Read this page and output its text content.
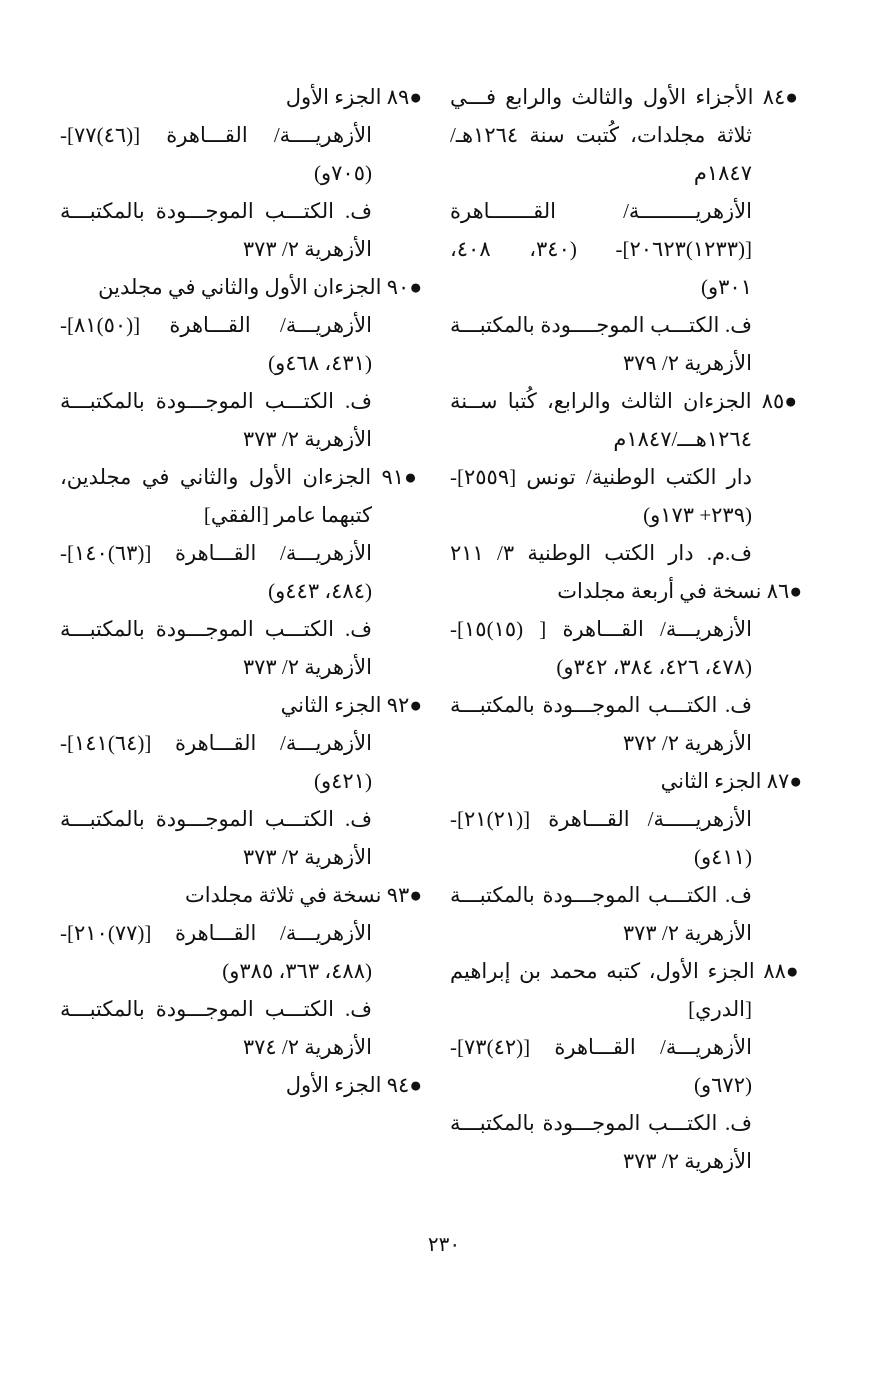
●٨٤ الأجزاء الأول والثالث والرابع فـــي
ثلاثة مجلدات، كُتبت سنة ١٢٦٤هـ/
١٨٤٧م
الأزهريـــــــــة/ القـــــــاهرة
[(١٢٣٣)٢٠٦٢٣]- (٣٤٠، ٤٠٨،
٣٠١و)
ف. الكتـــب الموجــــودة بالمكتبـــة
الأزهرية ٢/ ٣٧٩
●٨٥ الجزءان الثالث والرابع، كُتبا ســنة
١٢٦٤هـــ/١٨٤٧م
دار الكتب الوطنية/ تونس [٢٥٥٩]-
(٢٣٩+ ١٧٣و)
ف.م. دار الكتب الوطنية ٣/ ٢١١
●٨٦ نسخة في أربعة مجلدات
الأزهريـــة/ القـــاهرة [ (١٥)١٥]-
(٤٧٨، ٤٢٦، ٣٨٤، ٣٤٢و)
ف. الكتـــب الموجـــودة بالمكتبـــة
الأزهرية ٢/ ٣٧٢
●٨٧ الجزء الثاني
الأزهريـــــة/ القـــاهرة [(٢١)٢١]-
(٤١١و)
ف. الكتـــب الموجـــودة بالمكتبـــة
الأزهرية ٢/ ٣٧٣
●٨٨ الجزء الأول، كتبه محمد بن إبراهيم
[الدري]
الأزهريـــة/ القـــاهرة [(٤٢)٧٣]-
(٦٧٢و)
ف. الكتـــب الموجـــودة بالمكتبـــة
الأزهرية ٢/ ٣٧٣
●٨٩ الجزء الأول
الأزهريــــة/ القـــاهرة [(٤٦)٧٧]-
(٧٠٥و)
ف. الكتـــب الموجـــودة بالمكتبـــة
الأزهرية ٢/ ٣٧٣
●٩٠ الجزءان الأول والثاني في مجلدين
الأزهريـــة/ القـــاهرة [(٥٠)٨١]-
(٤٣١، ٤٦٨و)
ف. الكتـــب الموجـــودة بالمكتبـــة
الأزهرية ٢/ ٣٧٣
●٩١ الجزءان الأول والثاني في مجلدين،
كتبهما عامر [الفقي]
الأزهريـــة/ القـــاهرة [(٦٣)١٤٠]-
(٤٨٤، ٤٤٣و)
ف. الكتـــب الموجـــودة بالمكتبـــة
الأزهرية ٢/ ٣٧٣
●٩٢ الجزء الثاني
الأزهريـــة/ القـــاهرة [(٦٤)١٤١]-
(٤٢١و)
ف. الكتـــب الموجـــودة بالمكتبـــة
الأزهرية ٢/ ٣٧٣
●٩٣ نسخة في ثلاثة مجلدات
الأزهريـــة/ القـــاهرة [(٧٧)٢١٠]-
(٤٨٨، ٣٦٣، ٣٨٥و)
ف. الكتـــب الموجـــودة بالمكتبـــة
الأزهرية ٢/ ٣٧٤
●٩٤ الجزء الأول
٢٣٠
